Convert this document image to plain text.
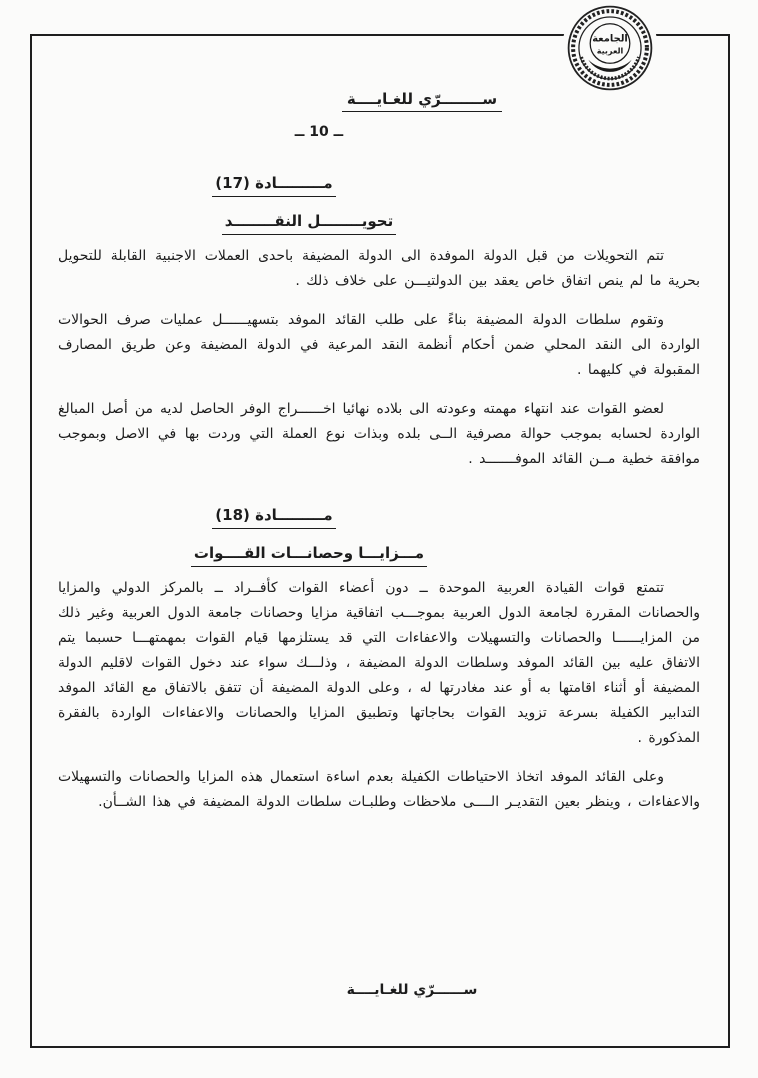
الجامعة
العربية
ســــــــرّي للغـايــــة
ــ 10 ــ
مـــــــــادة (17)
تحويــــــــل النقــــــــد

تتم التحويلات من قبل الدولة الموفدة الى الدولة المضيفة باحدى العملات الاجنبية القابلة للتحويل بحرية ما لم ينص اتفاق خاص يعقد بين الدولتيـــن على خلاف ذلك .

وتقوم سلطات الدولة المضيفة بناءً على طلب القائد الموفد بتسهيــــــل عمليات صرف الحوالات الواردة الى النقد المحلي ضمن أحكام أنظمة النقد المرعية في الدولة المضيفة وعن طريق المصارف المقبولة في كليهما .

لعضو القوات عند انتهاء مهمته وعودته الى بلاده نهائيا اخــــــراج الوفر الحاصل لديه من أصل المبالغ الواردة لحسابه بموجب حوالة مصرفية الــى بلده وبذات نوع العملة التي وردت بها في الاصل وبموجب موافقة خطية مــن القائد الموفـــــــد .

مـــــــــادة (18)
مـــزايـــا وحصانـــات القــــوات

تتمتع قوات القيادة العربية الموحدة ــ دون أعضاء القوات كأفــراد ــ بالمركز الدولي والمزايا والحصانات المقررة لجامعة الدول العربية بموجـــب اتفاقية مزايا وحصانات جامعة الدول العربية وغير ذلك من المزايــــــا والحصانات والتسهيلات والاعفاءات التي قد يستلزمها قيام القوات بمهمتهـــا حسبما يتم الاتفاق عليه بين القائد الموفد وسلطات الدولة المضيفة ، وذلـــك سواء عند دخول القوات لاقليم الدولة المضيفة أو أثناء اقامتها به أو عند مغادرتها له ، وعلى الدولة المضيفة أن تتفق بالاتفاق مع القائد الموفد التدابير الكفيلة بسرعة تزويد القوات بحاجاتها وتطبيق المزايا والحصانات والاعفاءات الواردة بالفقرة المذكورة .

وعلى القائد الموفد اتخاذ الاحتياطات الكفيلة بعدم اساءة استعمال هذه المزايا والحصانات والتسهيلات والاعفاءات ، وينظر بعين التقديـر الــــى ملاحظات وطلبـات سلطات الدولة المضيفة في هذا الشــأن.

ســــــرّي للغـايــــة
